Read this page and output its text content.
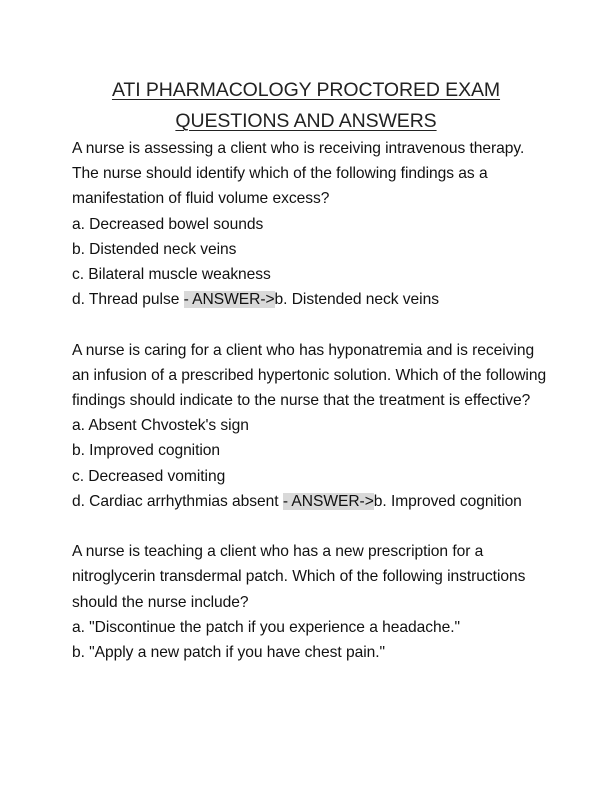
ATI PHARMACOLOGY PROCTORED EXAM
QUESTIONS AND ANSWERS

A nurse is assessing a client who is receiving intravenous therapy. The nurse should identify which of the following findings as a manifestation of fluid volume excess?

a. Decreased bowel sounds

b. Distended neck veins

c. Bilateral muscle weakness

d. Thread pulse - ANSWER->b. Distended neck veins

A nurse is caring for a client who has hyponatremia and is receiving an infusion of a prescribed hypertonic solution. Which of the following findings should indicate to the nurse that the treatment is effective?

a. Absent Chvostek's sign

b. Improved cognition

c. Decreased vomiting

d. Cardiac arrhythmias absent - ANSWER->b. Improved cognition

A nurse is teaching a client who has a new prescription for a nitroglycerin transdermal patch. Which of the following instructions should the nurse include?

a. "Discontinue the patch if you experience a headache."

b. "Apply a new patch if you have chest pain."
